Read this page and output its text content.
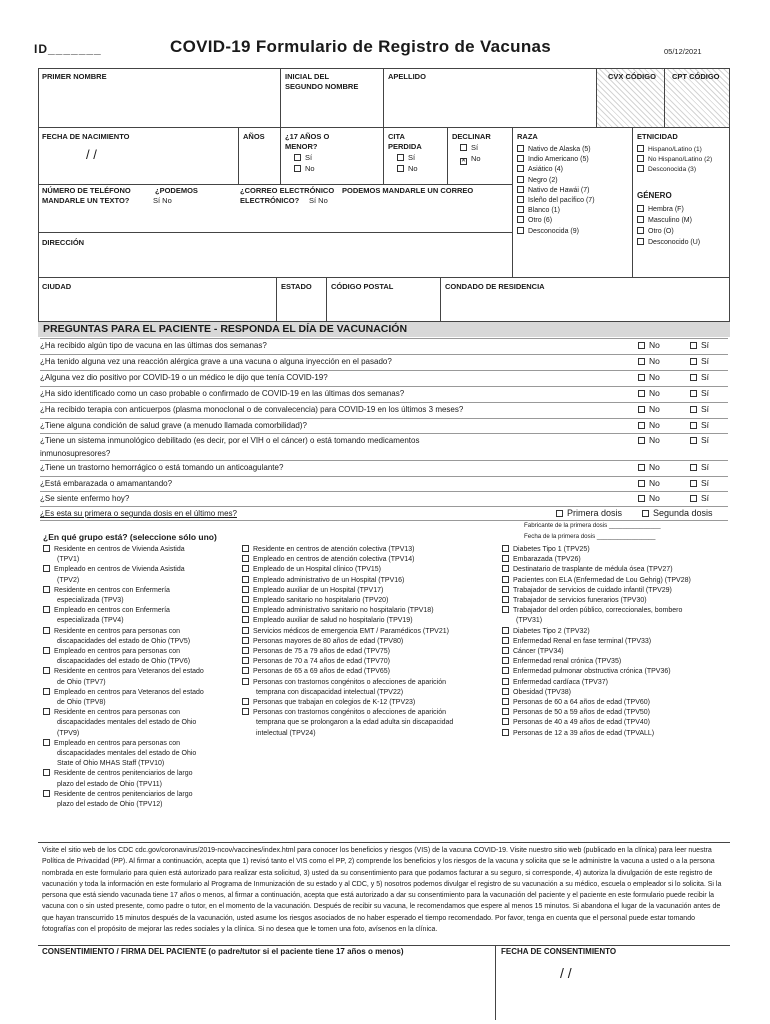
ID_______	COVID-19 Formulario de Registro de Vacunas	05/12/2021
PRIMER NOMBRE	INICIAL DEL
SEGUNDO NOMBRE
APELLIDO	CVX CÓDIGO CPT CÓDIGO
FECHA DE NACIMIENTO
/ /
AÑOS	¿17 AÑOS O
MENOR?
Sí
No
CITA
PERDIDA
Sí
No
DECLINAR
Sí
✕No
RAZA
Nativo de Alaska (5)
Indio Americano (5)
Asiático (4)
Negro (2)
Nativo de Hawái (7)
Isleño del pacífico (7)
Blanco (1)
Otro (6)
Desconocida (9)
ETNICIDAD
Hispano/Latino (1)
No Hispano/Latino (2)
Desconocida (3)
GÉNERO
Hembra (F)
Masculino (M)
Otro (O)
Desconocido (U)
NÚMERO DE TELÉFONO
MANDARLE UN TEXTO?
¿PODEMOS
Sí No
¿CORREO ELECTRÓNICO
ELECTRÓNICO?
PODEMOS MANDARLE UN CORREO
Sí No
DIRECCIÓN
CIUDAD	ESTADO	CÓDIGO POSTAL	CONDADO DE RESIDENCIA
PREGUNTAS PARA EL PACIENTE - RESPONDA EL DÍA DE VACUNACIÓN
¿Ha recibido algún tipo de vacuna en las últimas dos semanas?	No	Sí
¿Ha tenido alguna vez una reacción alérgica grave a una vacuna o alguna inyección en el pasado?	No	Sí
¿Alguna vez dio positivo por COVID-19 o un médico le dijo que tenía COVID-19?	No	Sí
¿Ha sido identificado como un caso probable o confirmado de COVID-19 en las últimas dos semanas?	No	Sí
¿Ha recibido terapia con anticuerpos (plasma monoclonal o de convalecencia) para COVID-19 en los últimos 3 meses?	No	Sí
¿Tiene alguna condición de salud grave (a menudo llamada comorbilidad)?	No	Sí
¿Tiene un sistema inmunológico debilitado (es decir, por el VIH o el cáncer) o está tomando medicamentos
inmunosupresores?
No	Sí
¿Tiene un trastorno hemorrágico o está tomando un anticoagulante?	No	Sí
¿Está embarazada o amamantando?	No	Sí
¿Se siente enfermo hoy?	No	Sí
¿Es esta su primera o segunda dosis en el último mes?	Primera dosis	Segunda dosis
Fabricante de la primera dosis _______________
Fecha de la primera dosis _________________
¿En qué grupo está? (seleccione sólo uno)
Residente en centros de Vivienda Asistida
(TPV1)
Empleado en centros de Vivienda Asistida
(TPV2)
Residente en centros con Enfermería
especializada (TPV3)
Empleado en centros con Enfermería
especializada (TPV4)
Residente en centros para personas con
discapacidades del estado de Ohio (TPV5)
Empleado en centros para personas con
discapacidades del estado de Ohio (TPV6)
Residente en centros para Veteranos del estado
de Ohio (TPV7)
Empleado en centros para Veteranos del estado
de Ohio (TPV8)
Residente en centros para personas con
discapacidades mentales del estado de Ohio
(TPV9)
Empleado en centros para personas con
discapacidades mentales del estado de Ohio
State of Ohio MHAS Staff (TPV10)
Residente de centros penitenciarios de largo
plazo del estado de Ohio (TPV11)
Residente de centros penitenciarios de largo
plazo del estado de Ohio (TPV12)
Residente en centros de atención colectiva (TPV13)
Empleado en centros de atención colectiva (TPV14)
Empleado de un Hospital clínico (TPV15)
Empleado administrativo de un Hospital (TPV16)
Empleado auxiliar de un Hospital (TPV17)
Empleado sanitario no hospitalario (TPV20)
Empleado administrativo sanitario no hospitalario (TPV18)
Empleado auxiliar de salud no hospitalario (TPV19)
Servicios médicos de emergencia EMT / Paramédicos (TPV21)
Personas mayores de 80 años de edad (TPV80)
Personas de 75 a 79 años de edad (TPV75)
Personas de 70 a 74 años de edad (TPV70)
Personas de 65 a 69 años de edad (TPV65)
Personas con trastornos congénitos o afecciones de aparición
temprana con discapacidad intelectual (TPV22)
Personas que trabajan en colegios de K-12 (TPV23)
Personas con trastornos congénitos o afecciones de aparición
temprana que se prolongaron a la edad adulta sin discapacidad
intelectual (TPV24)
Diabetes Tipo 1 (TPV25)
Embarazada (TPV26)
Destinatario de trasplante de médula ósea (TPV27)
Pacientes con ELA (Enfermedad de Lou Gehrig) (TPV28)
Trabajador de servicios de cuidado infantil (TPV29)
Trabajador de servicios funerarios (TPV30)
Trabajador del orden público, correccionales, bombero
(TPV31)
Diabetes Tipo 2 (TPV32)
Enfermedad Renal en fase terminal (TPV33)
Cáncer (TPV34)
Enfermedad renal crónica (TPV35)
Enfermedad pulmonar obstructiva crónica (TPV36)
Enfermedad cardíaca (TPV37)
Obesidad (TPV38)
Personas de 60 a 64 años de edad (TPV60)
Personas de 50 a 59 años de edad (TPV50)
Personas de 40 a 49 años de edad (TPV40)
Personas de 12 a 39 años de edad (TPVALL)
Visite el sitio web de los CDC cdc.gov/coronavirus/2019-ncov/vaccines/index.html para conocer los beneficios y riesgos (VIS) de la vacuna COVID-19. Visite nuestro sitio web (publicado en la clínica) para leer nuestra Política de Privacidad (PP). Al firmar a continuación, acepta que 1) revisó tanto el VIS como el PP, 2) comprende los beneficios y los riesgos de la vacuna y solicita que se le administre la vacuna a usted o a la persona nombrada en este formulario para quien está autorizado para realizar esta solicitud, 3) usted da su consentimiento para que podamos facturar a su seguro, si corresponde, 4) autoriza la divulgación de este registro de vacunación y toda la información en este formulario al Programa de Inmunización de su estado y al CDC, y 5) nosotros podemos divulgar el registro de su vacunación a su médico, escuela o empleador si lo solicita. Si la persona que está siendo vacunada tiene 17 años o menos, al firmar a continuación, acepta que está autorizado a dar su consentimiento para la vacunación del paciente y el paciente en este formulario puede recibir la vacuna con o sin usted presente, como padre o tutor, en el momento de la vacunación. Después de recibir su vacuna, le recomendamos que espere al menos 15 minutos. Si abandona el lugar de la vacunación antes de que hayan transcurrido 15 minutos después de la vacunación, usted asume los riesgos asociados de no haber esperado el tiempo recomendado. Por favor, tenga en cuenta que el personal puede estar tomando fotografías con el propósito de mejorar las redes sociales y la clínica. Si no desea que le tomen una foto, avísenos en la clínica.
CONSENTIMIENTO / FIRMA DEL PACIENTE (o padre/tutor si el paciente tiene 17 años o menos)	FECHA DE CONSENTIMIENTO
/ /
